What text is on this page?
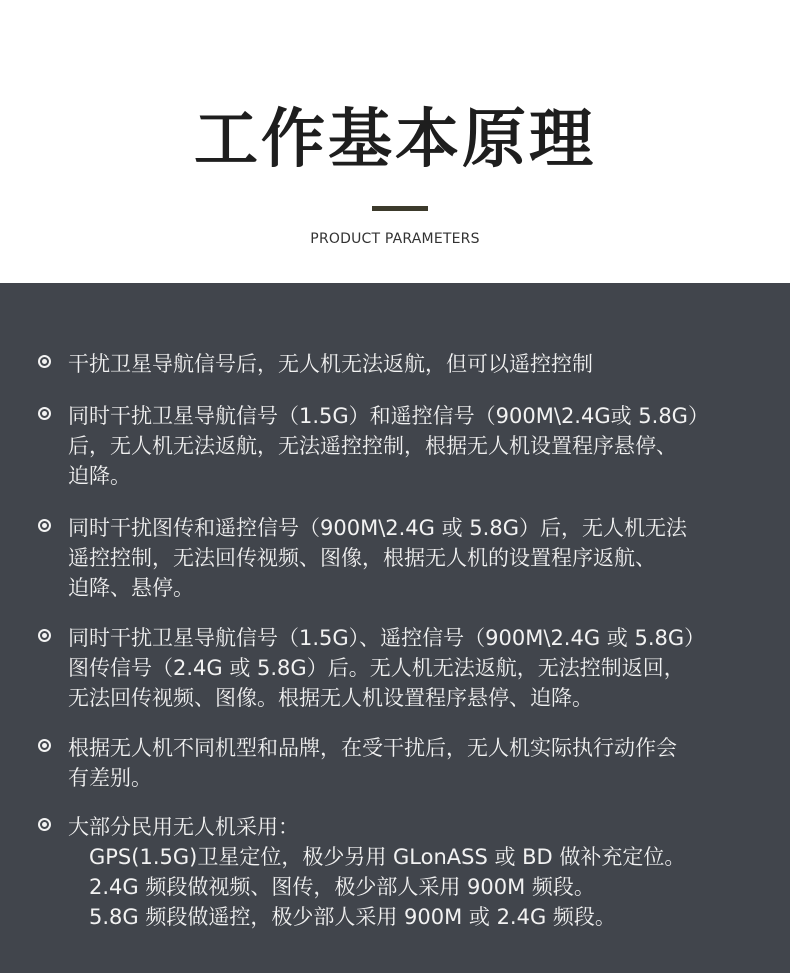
工作基本原理
PRODUCT PARAMETERS
干扰卫星导航信号后，无人机无法返航，但可以遥控控制
同时干扰卫星导航信号（1.5G）和遥控信号（900M\2.4G或 5.8G）
后，无人机无法返航，无法遥控控制，根据无人机设置程序悬停、
迫降。
同时干扰图传和遥控信号（900M\2.4G 或 5.8G）后，无人机无法
遥控控制，无法回传视频、图像，根据无人机的设置程序返航、
迫降、悬停。
同时干扰卫星导航信号（1.5G）、遥控信号（900M\2.4G 或 5.8G）
图传信号（2.4G 或 5.8G）后。无人机无法返航，无法控制返回，
无法回传视频、图像。根据无人机设置程序悬停、迫降。
根据无人机不同机型和品牌，在受干扰后，无人机实际执行动作会
有差别。
大部分民用无人机采用：
GPS(1.5G)卫星定位，极少另用 GLonASS 或 BD 做补充定位。
2.4G 频段做视频、图传，极少部人采用 900M 频段。
5.8G 频段做遥控，极少部人采用 900M 或 2.4G 频段。
